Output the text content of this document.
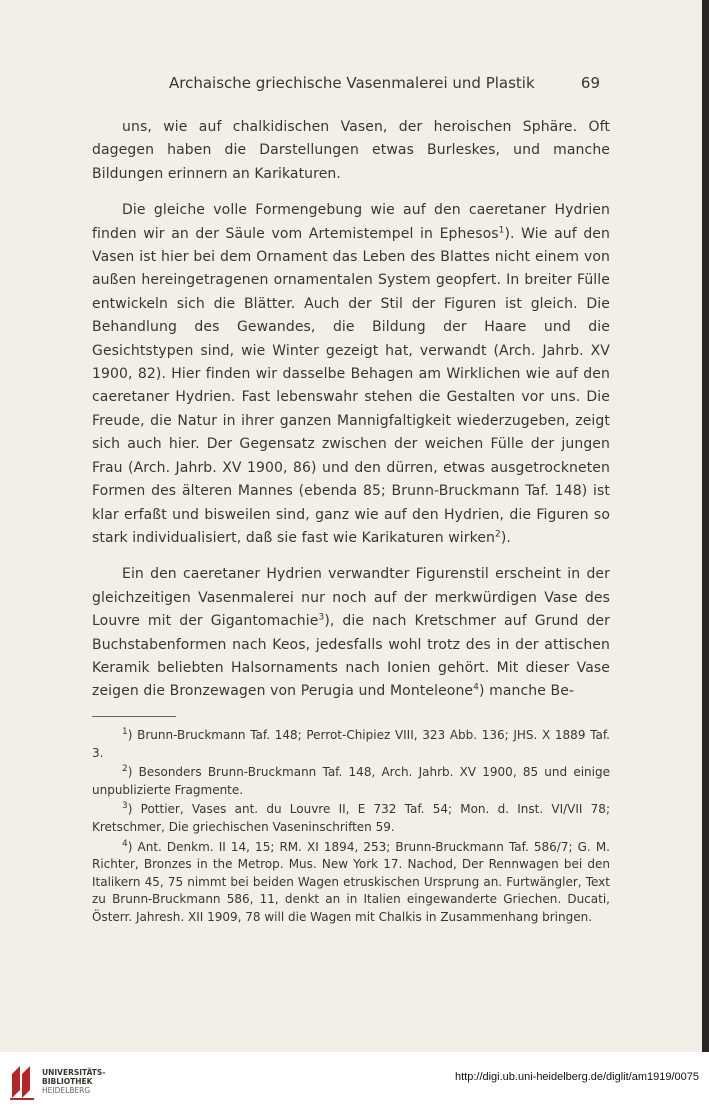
Archaische griechische Vasenmalerei und Plastik	69

uns, wie auf chalkidischen Vasen, der heroischen Sphäre. Oft dagegen haben die Darstellungen etwas Burleskes, und manche Bildungen erinnern an Karikaturen.

Die gleiche volle Formengebung wie auf den caeretaner Hydrien finden wir an der Säule vom Artemistempel in Ephesos$^1$). Wie auf den Vasen ist hier bei dem Ornament das Leben des Blattes nicht einem von außen hereingetragenen ornamentalen System geopfert. In breiter Fülle entwickeln sich die Blätter. Auch der Stil der Figuren ist gleich. Die Behandlung des Gewandes, die Bildung der Haare und die Gesichtstypen sind, wie Winter gezeigt hat, verwandt (Arch. Jahrb. XV 1900, 82). Hier finden wir dasselbe Behagen am Wirklichen wie auf den caeretaner Hydrien. Fast lebenswahr stehen die Gestalten vor uns. Die Freude, die Natur in ihrer ganzen Mannigfaltigkeit wiederzugeben, zeigt sich auch hier. Der Gegensatz zwischen der weichen Fülle der jungen Frau (Arch. Jahrb. XV 1900, 86) und den dürren, etwas ausgetrockneten Formen des älteren Mannes (ebenda 85; Brunn-Bruckmann Taf. 148) ist klar erfaßt und bisweilen sind, ganz wie auf den Hydrien, die Figuren so stark individualisiert, daß sie fast wie Karikaturen wirken$^2$).

Ein den caeretaner Hydrien verwandter Figurenstil erscheint in der gleichzeitigen Vasenmalerei nur noch auf der merkwürdigen Vase des Louvre mit der Gigantomachie$^3$), die nach Kretschmer auf Grund der Buchstabenformen nach Keos, jedesfalls wohl trotz des in der attischen Keramik beliebten Halsornaments nach Ionien gehört. Mit dieser Vase zeigen die Bronzewagen von Perugia und Monteleone$^4$) manche Be-

$^1$) Brunn-Bruckmann Taf. 148; Perrot-Chipiez VIII, 323 Abb. 136; JHS. X 1889 Taf. 3.

$^2$) Besonders Brunn-Bruckmann Taf. 148, Arch. Jahrb. XV 1900, 85 und einige unpublizierte Fragmente.

$^3$) Pottier, Vases ant. du Louvre II, E 732 Taf. 54; Mon. d. Inst. VI/VII 78; Kretschmer, Die griechischen Vaseninschriften 59.

$^4$) Ant. Denkm. II 14, 15; RM. XI 1894, 253; Brunn-Bruckmann Taf. 586/7; G. M. Richter, Bronzes in the Metrop. Mus. New York 17. Nachod, Der Rennwagen bei den Italikern 45, 75 nimmt bei beiden Wagen etruskischen Ursprung an. Furtwängler, Text zu Brunn-Bruckmann 586, 11, denkt an in Italien eingewanderte Griechen. Ducati, Österr. Jahresh. XII 1909, 78 will die Wagen mit Chalkis in Zusammenhang bringen.

UNIVERSITÄTS-
BIBLIOTHEK
HEIDELBERG
http://digi.ub.uni-heidelberg.de/diglit/am1919/0075
